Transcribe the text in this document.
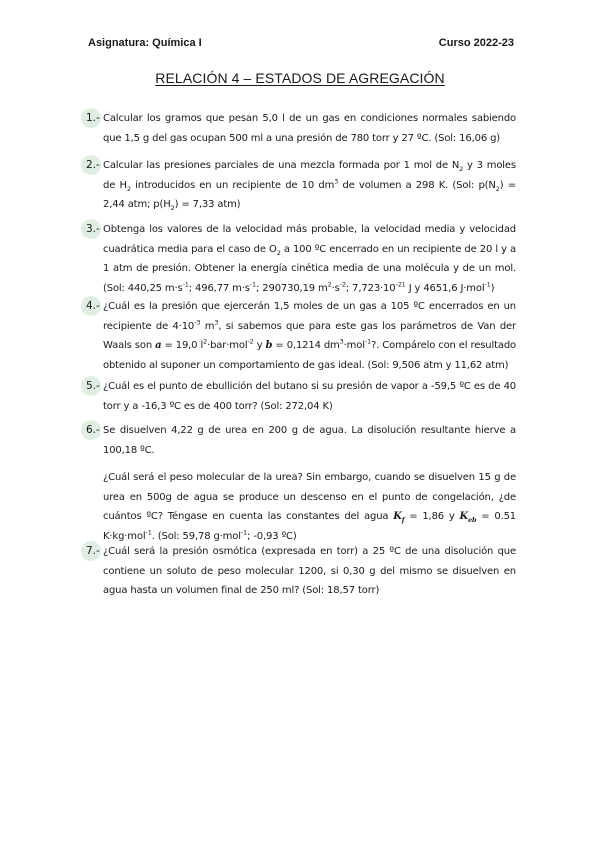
Asignatura: Química I	Curso 2022-23
RELACIÓN 4 – ESTADOS DE AGREGACIÓN
1.- Calcular los gramos que pesan 5,0 l de un gas en condiciones normales sabiendo que 1,5 g del gas ocupan 500 ml a una presión de 780 torr y 27 ºC. (Sol: 16,06 g)

2.- Calcular las presiones parciales de una mezcla formada por 1 mol de $N_2$ y 3 moles de $H_2$ introducidos en un recipiente de 10 $dm^3$ de volumen a 298 K. (Sol: $p(N_2) = 2,44$ atm; $p(H_2) = 7,33$ atm)

3.- Obtenga los valores de la velocidad más probable, la velocidad media y velocidad cuadrática media para el caso de $O_2$ a 100 ºC encerrado en un recipiente de 20 l y a 1 atm de presión. Obtener la energía cinética media de una molécula y de un mol. (Sol: 440,25 $m\cdot s^{-1}$; 496,77 $m\cdot s^{-1}$; 290730,19 $m^2\cdot s^{-2}$; $7,723\cdot 10^{-21}$ J y 4651,6 J·mol$^{-1}$)

4.- ¿Cuál es la presión que ejercerán 1,5 moles de un gas a 105 ºC encerrados en un recipiente de $4\cdot 10^{-3}$ $m^3$, si sabemos que para este gas los parámetros de Van der Waals son a = 19,0 $l^2\cdot bar\cdot mol^{-2}$ y b = 0,1214 $dm^3\cdot mol^{-1}$?. Compárelo con el resultado obtenido al suponer un comportamiento de gas ideal. (Sol: 9,506 atm y 11,62 atm)

5.- ¿Cuál es el punto de ebullición del butano si su presión de vapor a -59,5 ºC es de 40 torr y a -16,3 ºC es de 400 torr? (Sol: 272,04 K)

6.- Se disuelven 4,22 g de urea en 200 g de agua. La disolución resultante hierve a 100,18 ºC.

¿Cuál será el peso molecular de la urea? Sin embargo, cuando se disuelven 15 g de urea en 500g de agua se produce un descenso en el punto de congelación, ¿de cuántos ºC? Téngase en cuenta las constantes del agua $K_f = 1,86$ y $K_{eb} = 0.51$ K·kg·mol$^{-1}$. (Sol: 59,78 g·mol$^{-1}$; -0,93 ºC)

7.- ¿Cuál será la presión osmótica (expresada en torr) a 25 ºC de una disolución que contiene un soluto de peso molecular 1200, si 0,30 g del mismo se disuelven en agua hasta un volumen final de 250 ml? (Sol: 18,57 torr)
